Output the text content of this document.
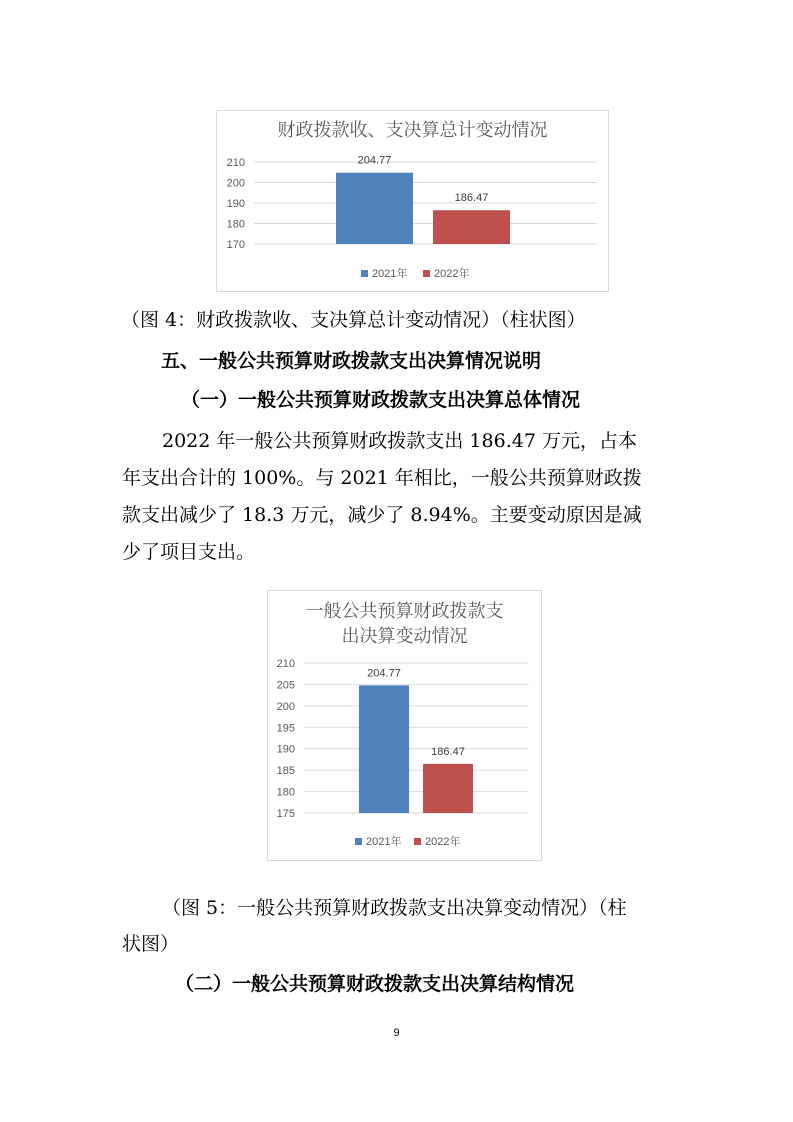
财政拨款收、支决算总计变动情况
170
180
190
200
210	204.77
186.47
2021年 2022年
（图 4：财政拨款收、支决算总计变动情况）（柱状图）
五、一般公共预算财政拨款支出决算情况说明
（一）一般公共预算财政拨款支出决算总体情况
2022 年一般公共预算财政拨款支出 186.47 万元，占本
年支出合计的 100%。与 2021 年相比，一般公共预算财政拨
款支出减少了 18.3 万元，减少了 8.94%。主要变动原因是减
少了项目支出。
一般公共预算财政拨款支
出决算变动情况
175
180
185
190
195
200
205
210
204.77
186.47
2021年 2022年
（图 5：一般公共预算财政拨款支出决算变动情况）（柱
状图）
（二）一般公共预算财政拨款支出决算结构情况
9
